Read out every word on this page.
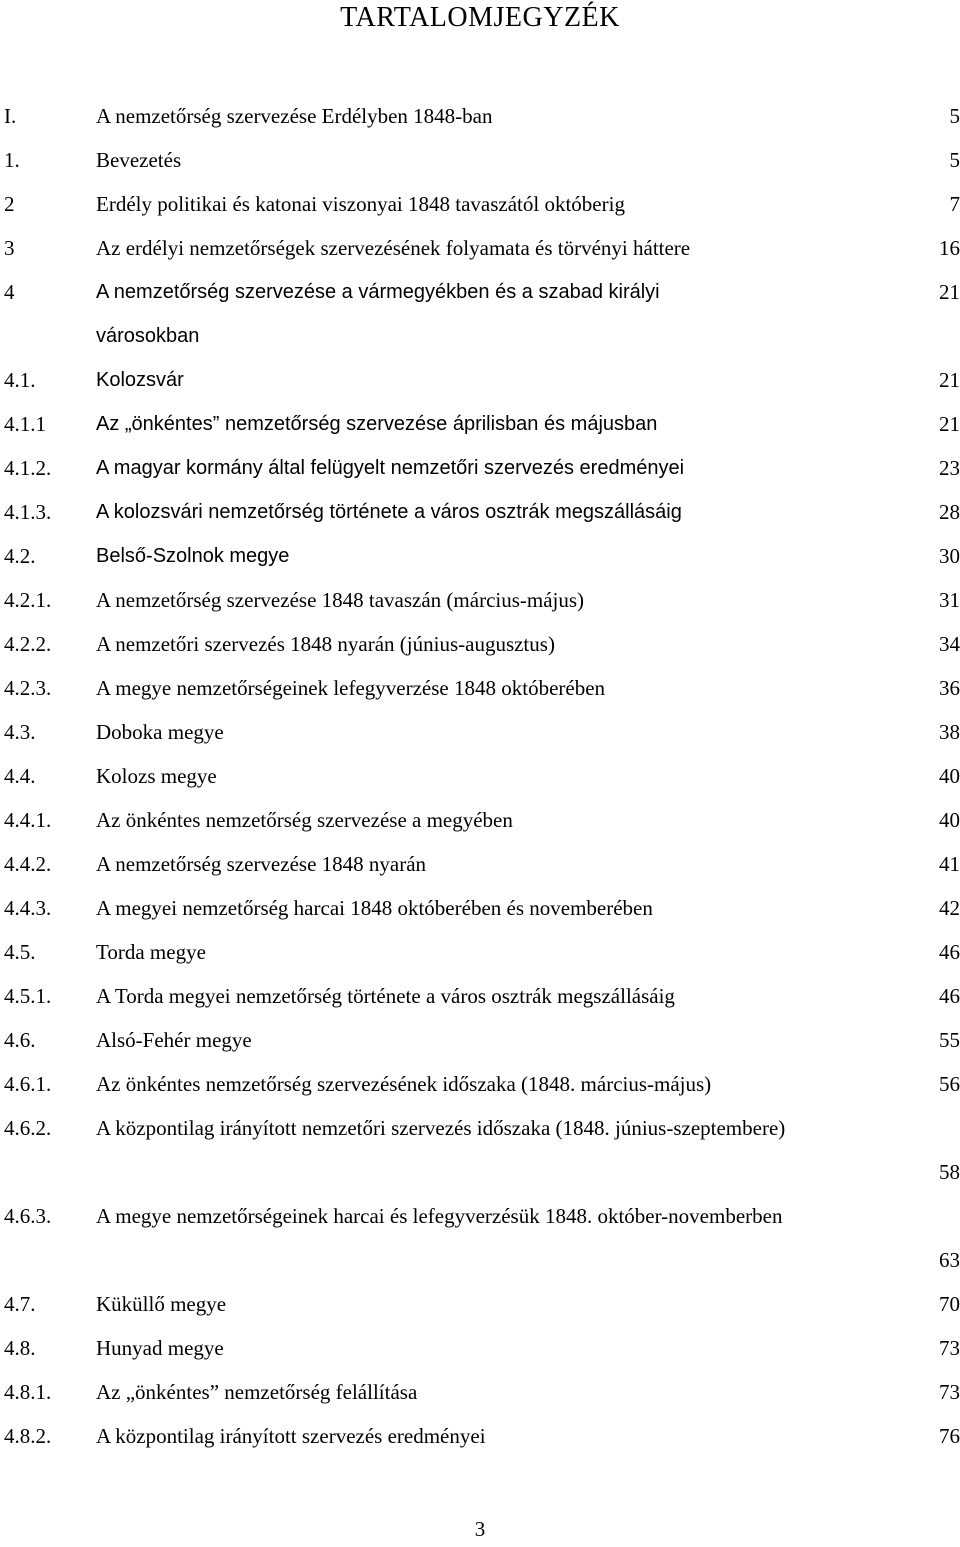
TARTALOMJEGYZÉK
I.	A nemzetőrség szervezése Erdélyben 1848-ban	5
1.	Bevezetés	5
2	Erdély politikai és katonai viszonyai 1848 tavaszától októberig	7
3	Az erdélyi nemzetőrségek szervezésének folyamata és törvényi háttere	16
4	A nemzetőrség szervezése a vármegyékben és a szabad királyi városokban
21
4.1.	Kolozsvár	21
4.1.1	Az „önkéntes” nemzetőrség szervezése áprilisban és májusban	21
4.1.2. A magyar kormány által felügyelt nemzetőri szervezés eredményei	23
4.1.3. A kolozsvári nemzetőrség története a város osztrák megszállásáig	28
4.2.	Belső-Szolnok megye	30
4.2.1. A nemzetőrség szervezése 1848 tavaszán (március-május)	31
4.2.2. A nemzetőri szervezés 1848 nyarán (június-augusztus)	34
4.2.3. A megye nemzetőrségeinek lefegyverzése 1848 októberében	36
4.3.	Doboka megye	38
4.4.	Kolozs megye	40
4.4.1. Az önkéntes nemzetőrség szervezése a megyében	40
4.4.2. A nemzetőrség szervezése 1848 nyarán	41
4.4.3. A megyei nemzetőrség harcai 1848 októberében és novemberében	42
4.5.	Torda megye	46
4.5.1. A Torda megyei nemzetőrség története a város osztrák megszállásáig	46
4.6.	Alsó-Fehér megye	55
4.6.1. Az önkéntes nemzetőrség szervezésének időszaka (1848. március-május)	56
4.6.2. A központilag irányított nemzetőri szervezés időszaka (1848. június-szeptembere)
58
4.6.3. A megye nemzetőrségeinek harcai és lefegyverzésük 1848. október-novemberben
63
4.7.	Küküllő megye	70
4.8.	Hunyad megye	73
4.8.1. Az „önkéntes” nemzetőrség felállítása	73
4.8.2. A központilag irányított szervezés eredményei	76
3
